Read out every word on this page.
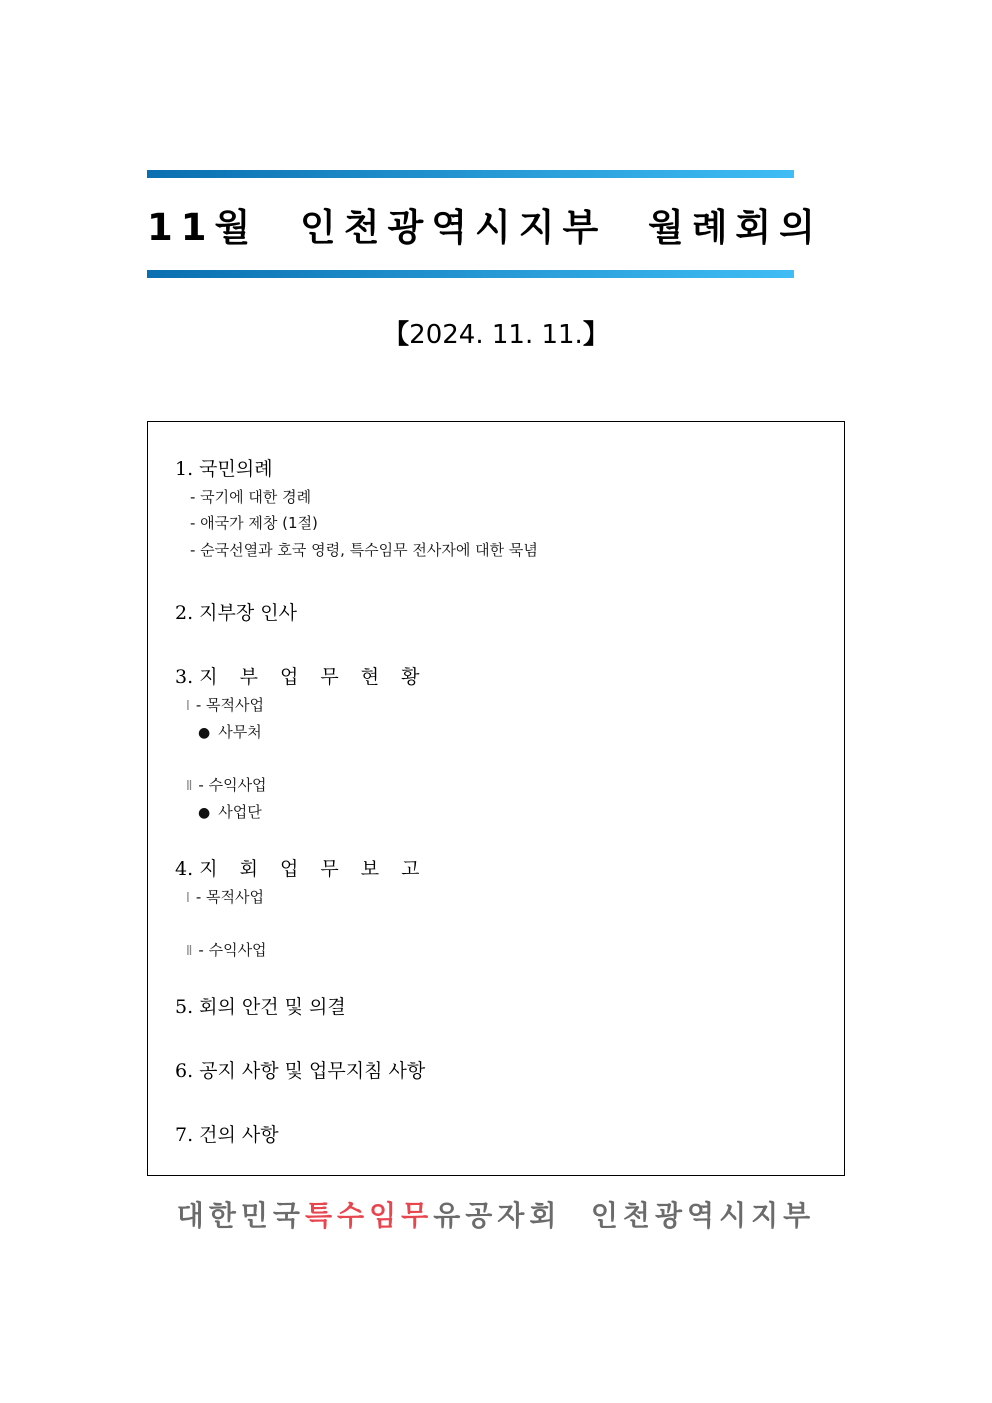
11월  인천광역시지부  월례회의
【2024. 11. 11.】
1. 국민의례
- 국기에 대한 경례
- 애국가 제창 (1절)
- 순국선열과 호국 영령, 특수임무 전사자에 대한 묵념
2. 지부장 인사
3. 지 부 업 무 현 황
Ⅰ - 목적사업
● 사무처
Ⅱ - 수익사업
● 사업단
4. 지 회 업 무 보 고
Ⅰ - 목적사업
Ⅱ - 수익사업
5. 회의 안건 및 의결
6. 공지 사항 및 업무지침 사항
7. 건의 사항
대한민국특수임무유공자회  인천광역시지부
